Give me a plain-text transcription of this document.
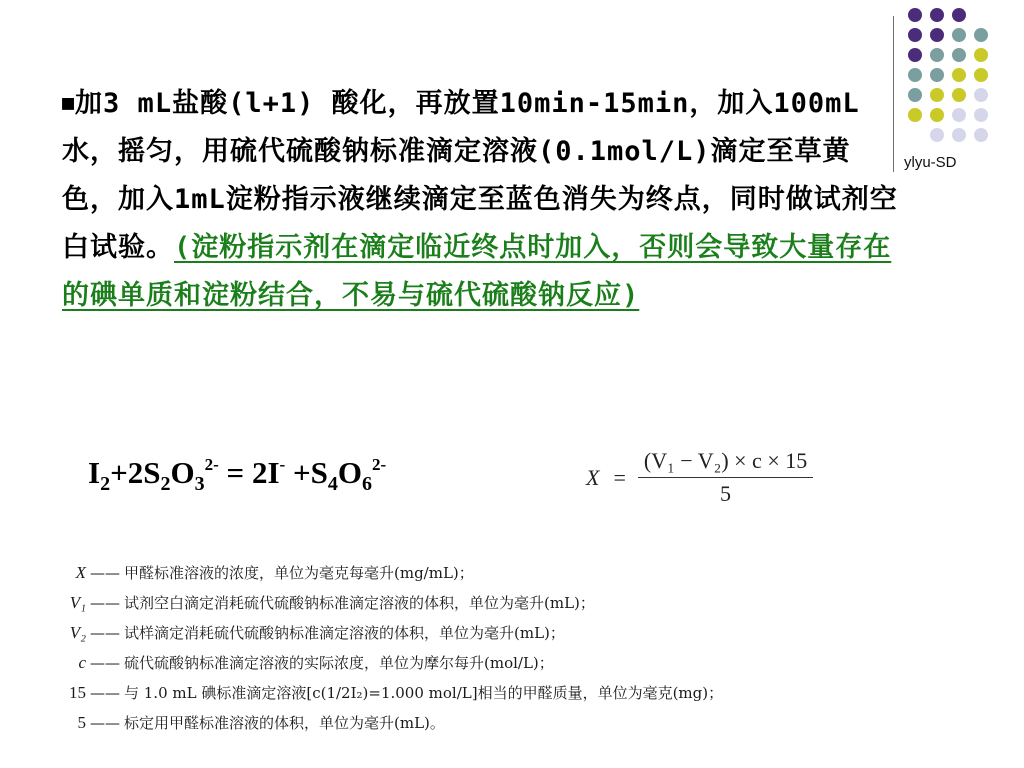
ylyu-SD

■加3 mL盐酸(l+1) 酸化，再放置10min-15min，加入100mL水，摇匀，用硫代硫酸钠标准滴定溶液(0.1mol/L)滴定至草黄色，加入1mL淀粉指示液继续滴定至蓝色消失为终点，同时做试剂空白试验。(淀粉指示剂在滴定临近终点时加入，否则会导致大量存在的碘单质和淀粉结合，不易与硫代硫酸钠反应)

$I_2+2S_2O_3^{2-} = 2I^- +S_4O_6^{2-}$	$X = \frac{\text{(V₁ − V₂) × c × 15}}{5}$
X —— 甲醛标准溶液的浓度，单位为毫克每毫升(mg/mL)；
V₁ —— 试剂空白滴定消耗硫代硫酸钠标准滴定溶液的体积，单位为毫升(mL)；
V₂ —— 试样滴定消耗硫代硫酸钠标准滴定溶液的体积，单位为毫升(mL)；
c —— 硫代硫酸钠标准滴定溶液的实际浓度，单位为摩尔每升(mol/L)；
15 —— 与 1.0 mL 碘标准滴定溶液[c(1/2I₂)=1.000 mol/L]相当的甲醛质量，单位为毫克(mg)；
5 —— 标定用甲醛标准溶液的体积，单位为毫升(mL)。
